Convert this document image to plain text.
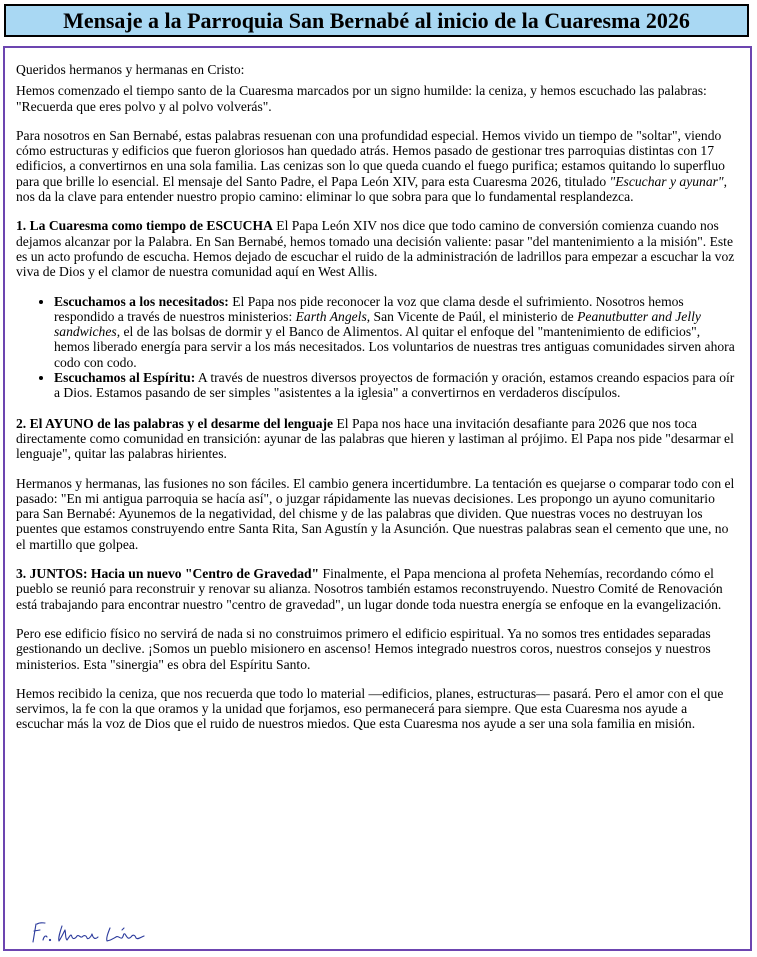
Mensaje a la Parroquia San Bernabé al inicio de la Cuaresma 2026

Queridos hermanos y hermanas en Cristo:

Hemos comenzado el tiempo santo de la Cuaresma marcados por un signo humilde: la ceniza, y hemos escuchado las palabras: "Recuerda que eres polvo y al polvo volverás".

Para nosotros en San Bernabé, estas palabras resuenan con una profundidad especial. Hemos vivido un tiempo de "soltar", viendo cómo estructuras y edificios que fueron gloriosos han quedado atrás. Hemos pasado de gestionar tres parroquias distintas con 17 edificios, a convertirnos en una sola familia. Las cenizas son lo que queda cuando el fuego purifica; estamos quitando lo superfluo para que brille lo esencial. El mensaje del Santo Padre, el Papa León XIV, para esta Cuaresma 2026, titulado "Escuchar y ayunar", nos da la clave para entender nuestro propio camino: eliminar lo que sobra para que lo fundamental resplandezca.

1. La Cuaresma como tiempo de ESCUCHA El Papa León XIV nos dice que todo camino de conversión comienza cuando nos dejamos alcanzar por la Palabra. En San Bernabé, hemos tomado una decisión valiente: pasar "del mantenimiento a la misión". Este es un acto profundo de escucha. Hemos dejado de escuchar el ruido de la administración de ladrillos para empezar a escuchar la voz viva de Dios y el clamor de nuestra comunidad aquí en West Allis.

• Escuchamos a los necesitados: El Papa nos pide reconocer la voz que clama desde el sufrimiento. Nosotros hemos respondido a través de nuestros ministerios: Earth Angels, San Vicente de Paúl, el ministerio de Peanutbutter and Jelly sandwiches, el de las bolsas de dormir y el Banco de Alimentos. Al quitar el enfoque del "mantenimiento de edificios", hemos liberado energía para servir a los más necesitados. Los voluntarios de nuestras tres antiguas comunidades sirven ahora codo con codo.
• Escuchamos al Espíritu: A través de nuestros diversos proyectos de formación y oración, estamos creando espacios para oír a Dios. Estamos pasando de ser simples "asistentes a la iglesia" a convertirnos en verdaderos discípulos.

2. El AYUNO de las palabras y el desarme del lenguaje El Papa nos hace una invitación desafiante para 2026 que nos toca directamente como comunidad en transición: ayunar de las palabras que hieren y lastiman al prójimo. El Papa nos pide "desarmar el lenguaje", quitar las palabras hirientes.

Hermanos y hermanas, las fusiones no son fáciles. El cambio genera incertidumbre. La tentación es quejarse o comparar todo con el pasado: "En mi antigua parroquia se hacía así", o juzgar rápidamente las nuevas decisiones. Les propongo un ayuno comunitario para San Bernabé: Ayunemos de la negatividad, del chisme y de las palabras que dividen. Que nuestras voces no destruyan los puentes que estamos construyendo entre Santa Rita, San Agustín y la Asunción. Que nuestras palabras sean el cemento que une, no el martillo que golpea.

3. JUNTOS: Hacia un nuevo "Centro de Gravedad" Finalmente, el Papa menciona al profeta Nehemías, recordando cómo el pueblo se reunió para reconstruir y renovar su alianza. Nosotros también estamos reconstruyendo. Nuestro Comité de Renovación está trabajando para encontrar nuestro "centro de gravedad", un lugar donde toda nuestra energía se enfoque en la evangelización.

Pero ese edificio físico no servirá de nada si no construimos primero el edificio espiritual. Ya no somos tres entidades separadas gestionando un declive. ¡Somos un pueblo misionero en ascenso! Hemos integrado nuestros coros, nuestros consejos y nuestros ministerios. Esta "sinergia" es obra del Espíritu Santo.

Hemos recibido la ceniza, que nos recuerda que todo lo material —edificios, planes, estructuras— pasará. Pero el amor con el que servimos, la fe con la que oramos y la unidad que forjamos, eso permanecerá para siempre. Que esta Cuaresma nos ayude a escuchar más la voz de Dios que el ruido de nuestros miedos. Que esta Cuaresma nos ayude a ser una sola familia en misión.
